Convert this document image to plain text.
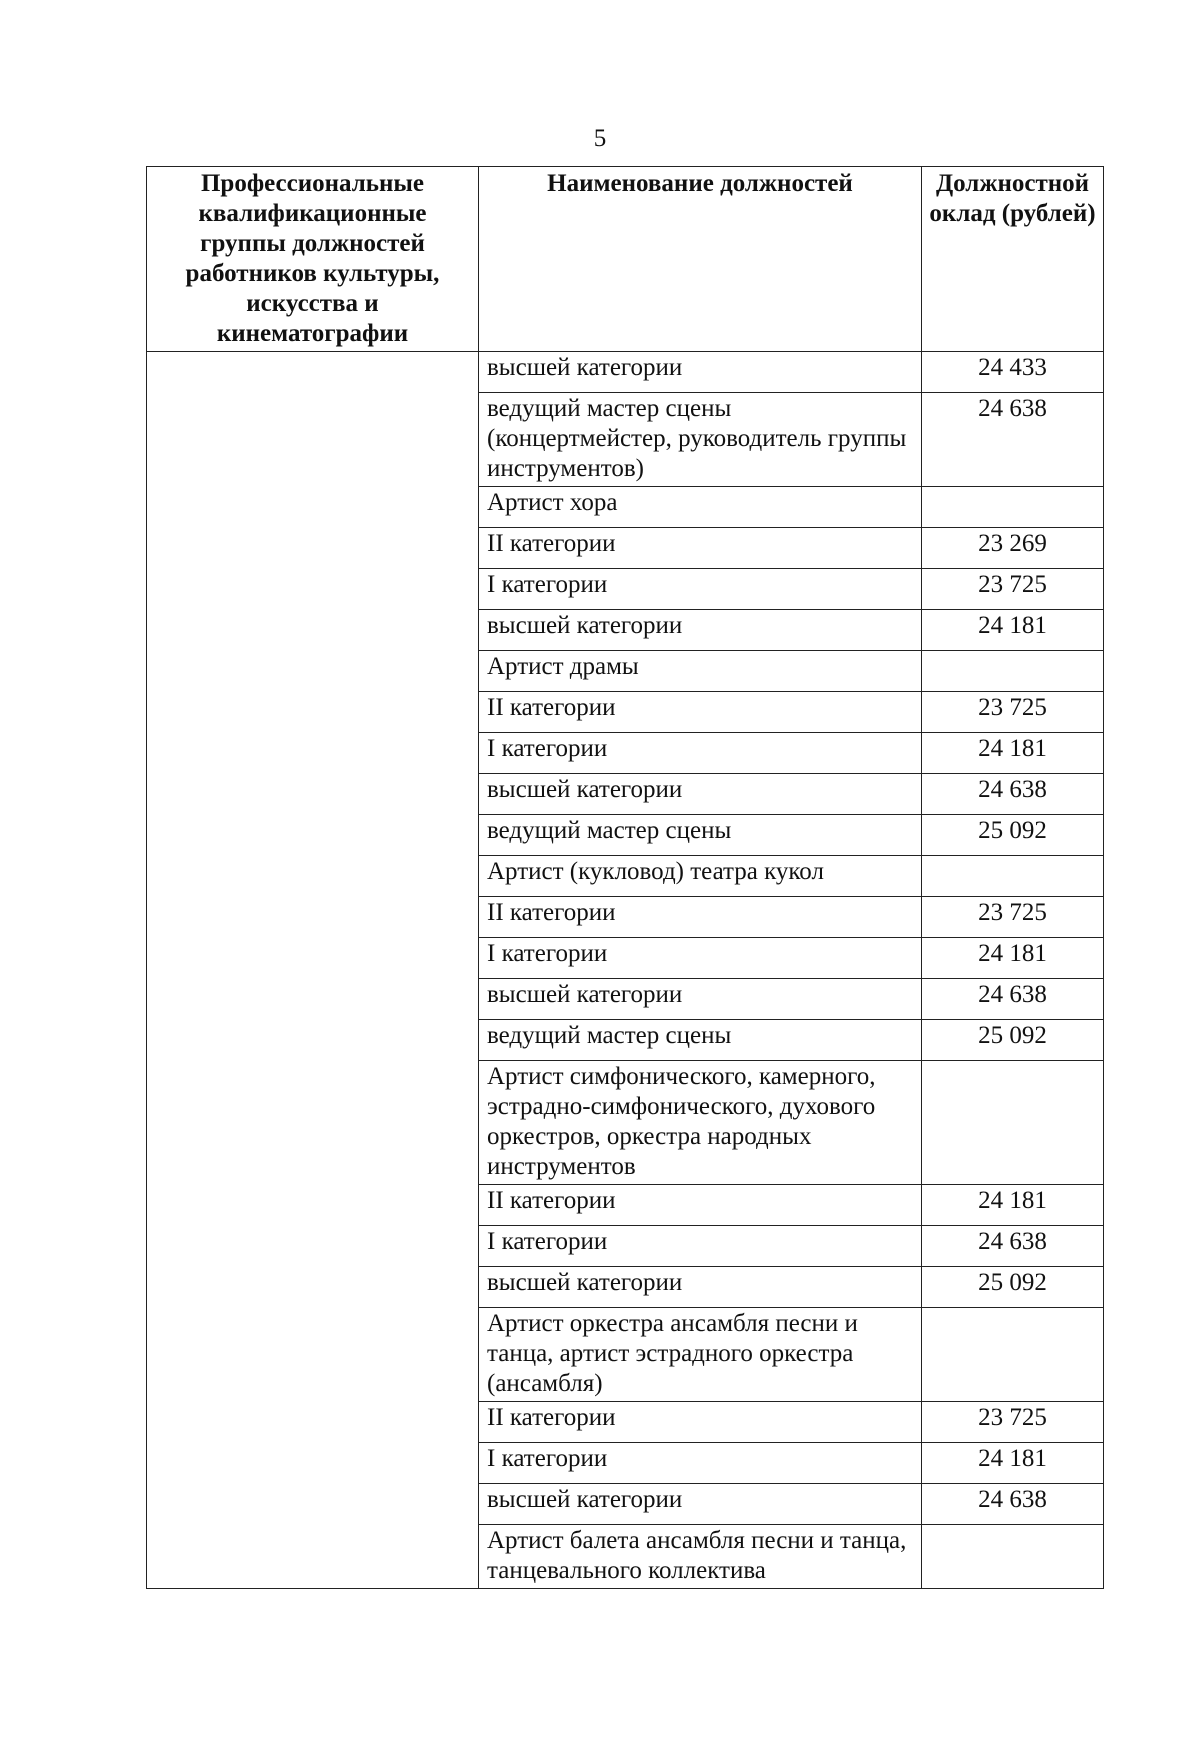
5
Профессиональные квалификационные группы должностей работников культуры, искусства и кинематографии	Наименование должностей	Должностной оклад (рублей)
	высшей категории	24 433
	ведущий мастер сцены (концертмейстер, руководитель группы инструментов)	24 638
	Артист хора	
	II категории	23 269
	I категории	23 725
	высшей категории	24 181
	Артист драмы	
	II категории	23 725
	I категории	24 181
	высшей категории	24 638
	ведущий мастер сцены	25 092
	Артист (кукловод) театра кукол	
	II категории	23 725
	I категории	24 181
	высшей категории	24 638
	ведущий мастер сцены	25 092
	Артист симфонического, камерного, эстрадно-симфонического, духового оркестров, оркестра народных инструментов	
	II категории	24 181
	I категории	24 638
	высшей категории	25 092
	Артист оркестра ансамбля песни и танца, артист эстрадного оркестра (ансамбля)	
	II категории	23 725
	I категории	24 181
	высшей категории	24 638
	Артист балета ансамбля песни и танца, танцевального коллектива	
